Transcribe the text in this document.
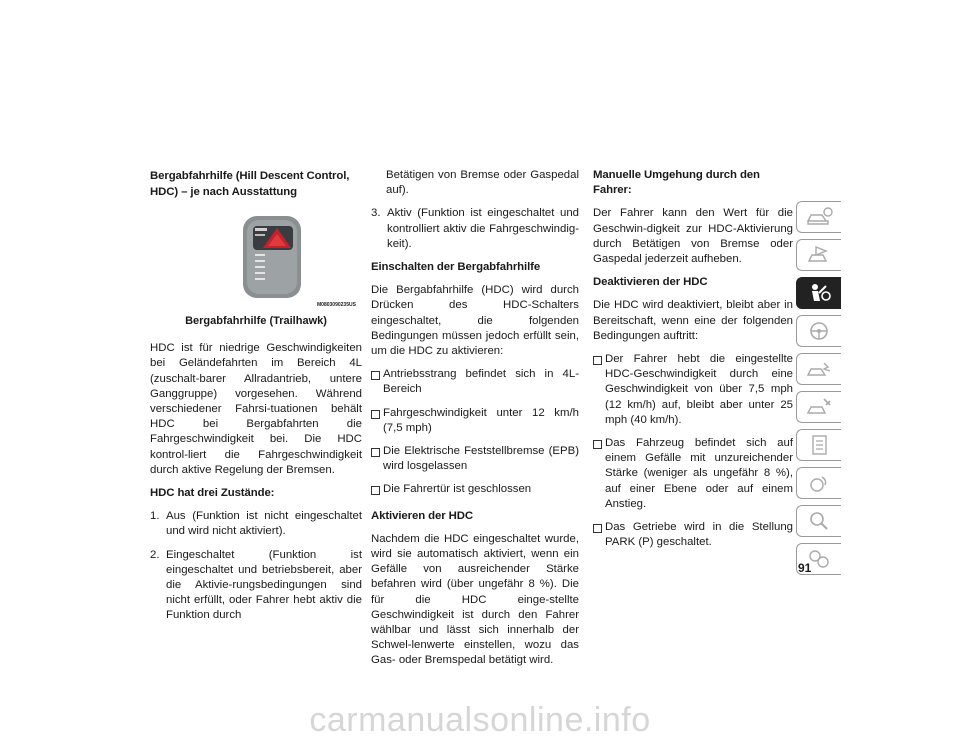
Bergabfahrhilfe (Hill Descent Control, HDC) – je nach Ausstattung
M0803090235US
Bergabfahrhilfe (Trailhawk)

HDC ist für niedrige Geschwindigkeiten bei Geländefahrten im Bereich 4L (zuschalt-barer Allradantrieb, untere Ganggruppe) vorgesehen. Während verschiedener Fahrsi-tuationen behält HDC bei Bergabfahrten die Fahrgeschwindigkeit bei. Die HDC kontrol-liert die Fahrgeschwindigkeit durch aktive Regelung der Bremsen.

HDC hat drei Zustände:
1. Aus (Funktion ist nicht eingeschaltet und wird nicht aktiviert).
2. Eingeschaltet (Funktion ist eingeschaltet und betriebsbereit, aber die Aktivie-rungsbedingungen sind nicht erfüllt, oder Fahrer hebt aktiv die Funktion durch
Betätigen von Bremse oder Gaspedal auf).
3. Aktiv (Funktion ist eingeschaltet und kontrolliert aktiv die Fahrgeschwindig-keit).
Einschalten der Bergabfahrhilfe

Die Bergabfahrhilfe (HDC) wird durch Drücken des HDC-Schalters eingeschaltet, die folgenden Bedingungen müssen jedoch erfüllt sein, um die HDC zu aktivieren:

Antriebsstrang befindet sich in 4L-Bereich
Fahrgeschwindigkeit unter 12 km/h (7,5 mph)
Die Elektrische Feststellbremse (EPB) wird losgelassen
Die Fahrertür ist geschlossen
Aktivieren der HDC

Nachdem die HDC eingeschaltet wurde, wird sie automatisch aktiviert, wenn ein Gefälle von ausreichender Stärke befahren wird (über ungefähr 8 %). Die für die HDC einge-stellte Geschwindigkeit ist durch den Fahrer wählbar und lässt sich innerhalb der Schwel-lenwerte einstellen, wozu das Gas- oder Bremspedal betätigt wird.

Manuelle Umgehung durch den Fahrer:

Der Fahrer kann den Wert für die Geschwin-digkeit zur HDC-Aktivierung durch Betätigen von Bremse oder Gaspedal jederzeit aufheben.

Deaktivieren der HDC

Die HDC wird deaktiviert, bleibt aber in Bereitschaft, wenn eine der folgenden Bedingungen auftritt:

Der Fahrer hebt die eingestellte HDC-Geschwindigkeit durch eine Geschwindigkeit von über 7,5 mph (12 km/h) auf, bleibt aber unter 25 mph (40 km/h).
Das Fahrzeug befindet sich auf einem Gefälle mit unzureichender Stärke (weniger als ungefähr 8 %), auf einer Ebene oder auf einem Anstieg.
Das Getriebe wird in die Stellung PARK (P) geschaltet.
91
carmanualsonline.info
